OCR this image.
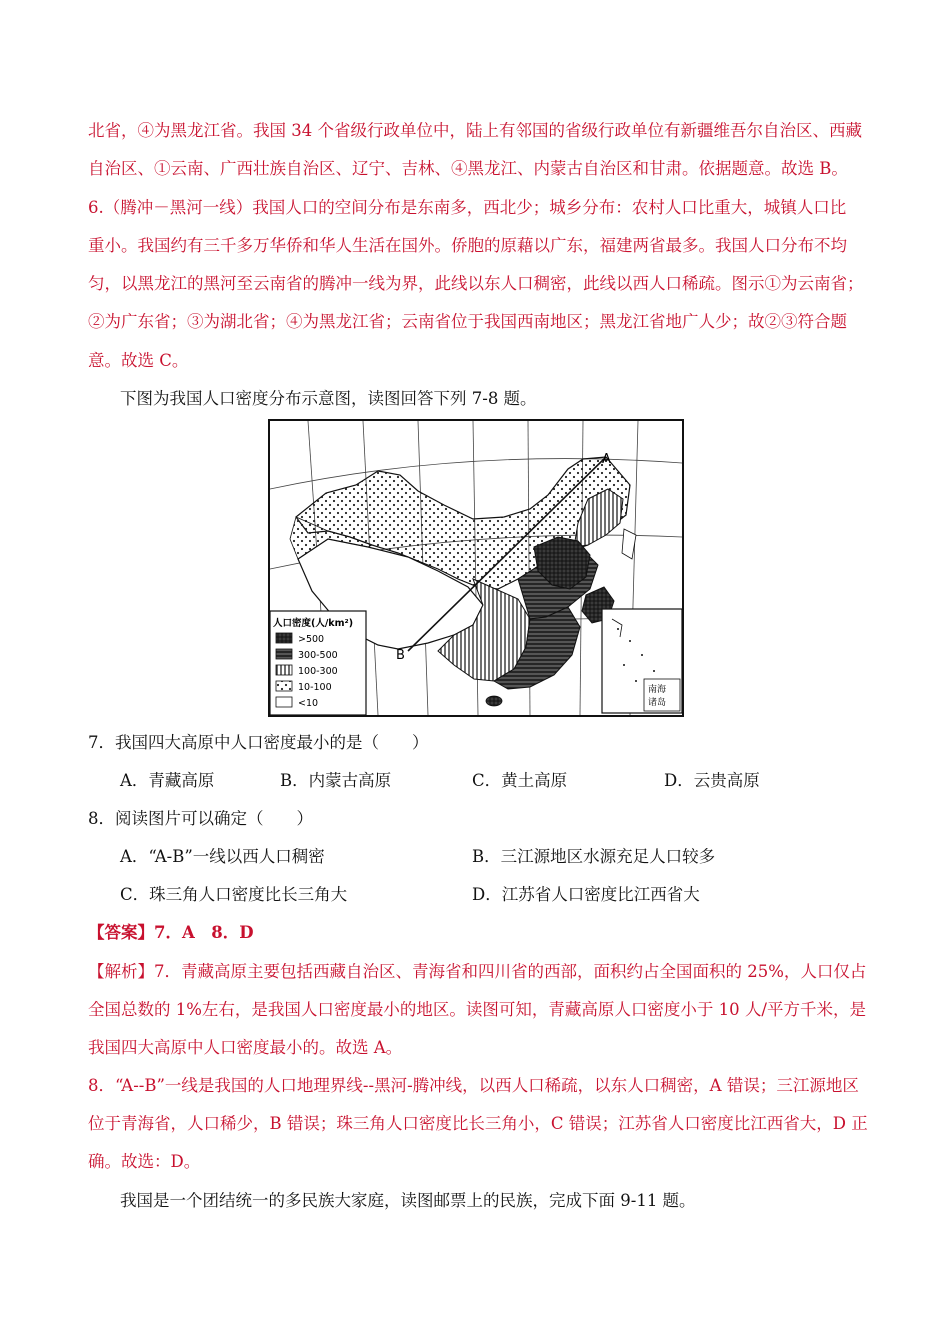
北省，④为黑龙江省。我国 34 个省级行政单位中，陆上有邻国的省级行政单位有新疆维吾尔自治区、西藏
自治区、①云南、广西壮族自治区、辽宁、吉林、④黑龙江、内蒙古自治区和甘肃。依据题意。故选 B。
6.（腾冲－黑河一线）我国人口的空间分布是东南多，西北少；城乡分布：农村人口比重大，城镇人口比
重小。我国约有三千多万华侨和华人生活在国外。侨胞的原藉以广东，福建两省最多。我国人口分布不均
匀，以黑龙江的黑河至云南省的腾冲一线为界，此线以东人口稠密，此线以西人口稀疏。图示①为云南省；
②为广东省；③为湖北省；④为黑龙江省；云南省位于我国西南地区；黑龙江省地广人少；故②③符合题
意。故选 C。
下图为我国人口密度分布示意图，读图回答下列 7-8 题。
A
B
南海
诸岛
人口密度(人/km²)
>500
300-500
100-300
10-100
<10
7．我国四大高原中人口密度最小的是（　　）
A．青藏高原	B．内蒙古高原	C．黄土高原	D．云贵高原
8．阅读图片可以确定（　　）
A．“A-B”一线以西人口稠密	B．三江源地区水源充足人口较多
C．珠三角人口密度比长三角大	D．江苏省人口密度比江西省大
【答案】7．A　8．D
【解析】7．青藏高原主要包括西藏自治区、青海省和四川省的西部，面积约占全国面积的 25%，人口仅占
全国总数的 1%左右，是我国人口密度最小的地区。读图可知，青藏高原人口密度小于 10 人/平方千米，是
我国四大高原中人口密度最小的。故选 A。
8．“A--B”一线是我国的人口地理界线--黑河-腾冲线，以西人口稀疏，以东人口稠密，A 错误；三江源地区
位于青海省，人口稀少，B 错误；珠三角人口密度比长三角小，C 错误；江苏省人口密度比江西省大，D 正
确。故选：D。
我国是一个团结统一的多民族大家庭，读图邮票上的民族，完成下面 9-11 题。
